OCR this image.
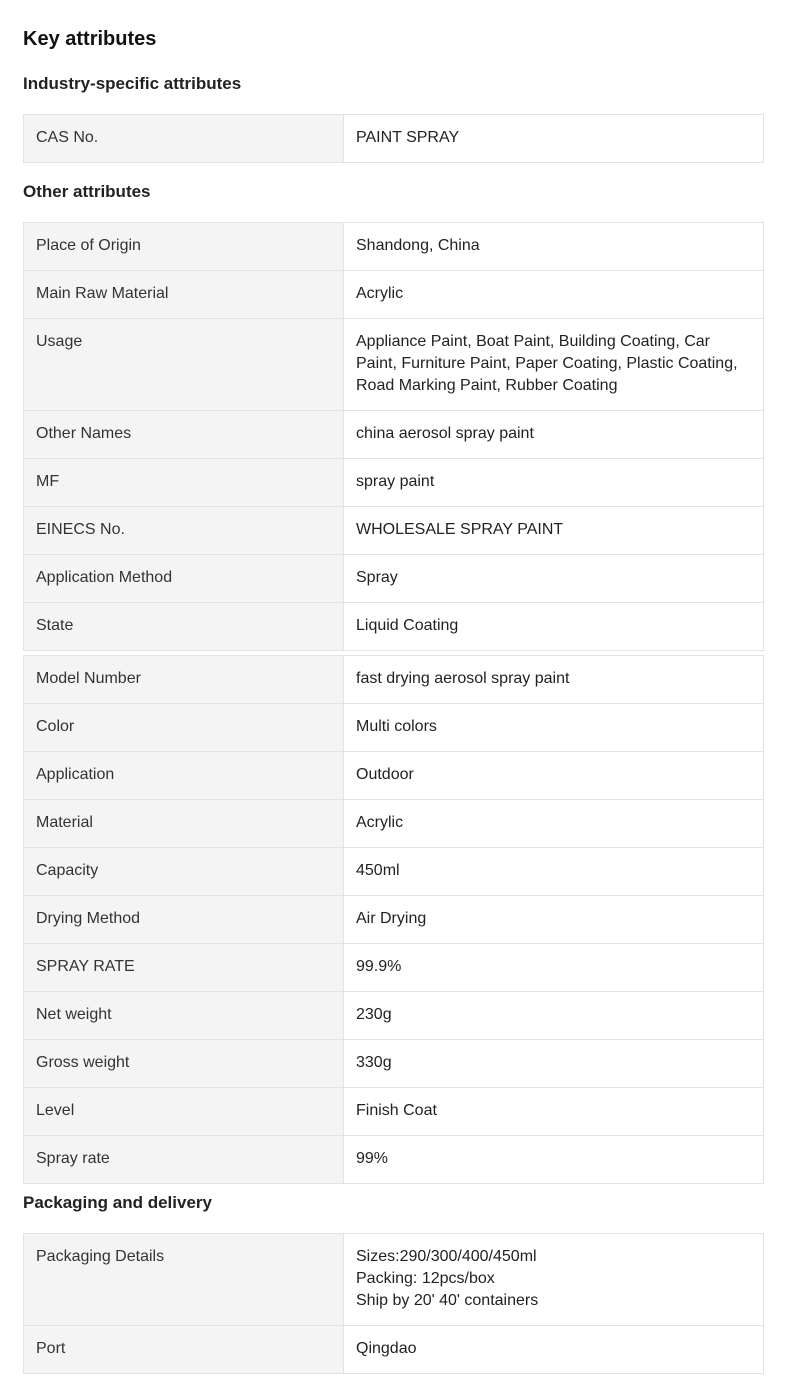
Key attributes
Industry-specific attributes
CAS No.	PAINT SPRAY
Other attributes
Place of Origin	Shandong, China
Main Raw Material	Acrylic
Usage	Appliance Paint, Boat Paint, Building Coating, Car Paint, Furniture Paint, Paper Coating, Plastic Coating, Road Marking Paint, Rubber Coating
Other Names	china aerosol spray paint
MF	spray paint
EINECS No.	WHOLESALE SPRAY PAINT
Application Method	Spray
State	Liquid Coating
Model Number	fast drying aerosol spray paint
Color	Multi colors
Application	Outdoor
Material	Acrylic
Capacity	450ml
Drying Method	Air Drying
SPRAY RATE	99.9%
Net weight	230g
Gross weight	330g
Level	Finish Coat
Spray rate	99%
Packaging and delivery
Packaging Details	Sizes:290/300/400/450ml
Packing: 12pcs/box
Ship by 20' 40' containers
Port	Qingdao
